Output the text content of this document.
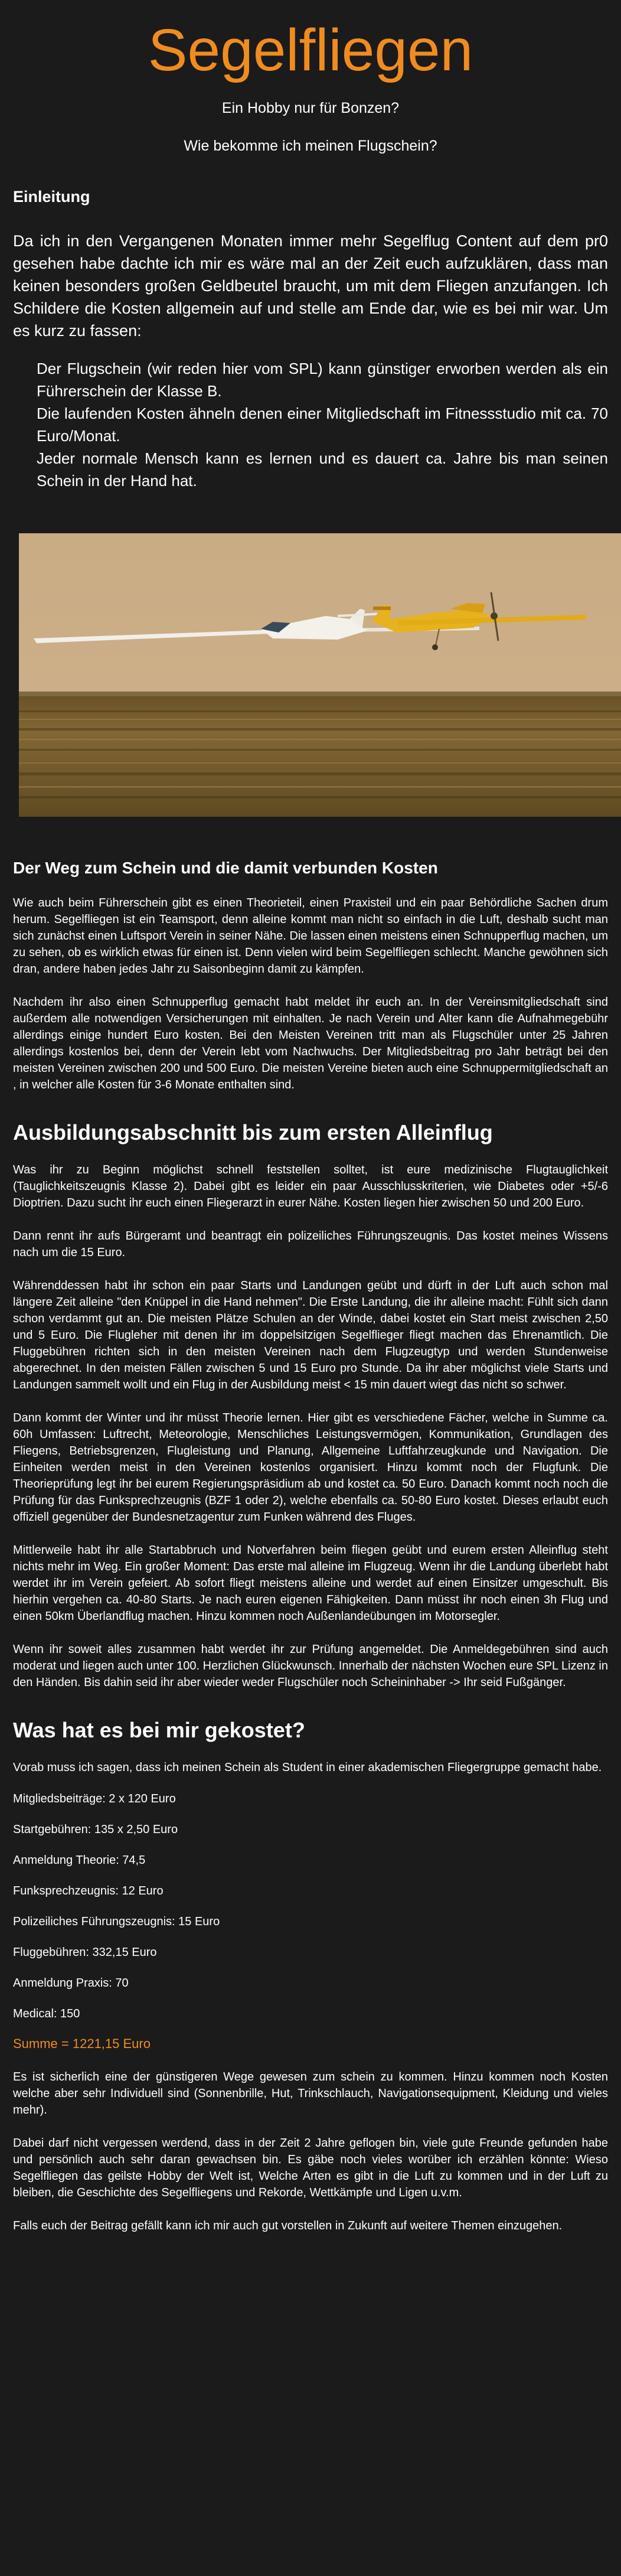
Segelfliegen

Ein Hobby nur für Bonzen?

Wie bekomme ich meinen Flugschein?

Einleitung

Da ich in den Vergangenen Monaten immer mehr Segelflug Content auf dem pr0 gesehen habe dachte ich mir es wäre mal an der Zeit euch aufzuklären, dass man keinen besonders großen Geldbeutel braucht, um mit dem Fliegen anzufangen. Ich Schildere die Kosten allgemein auf und stelle am Ende dar, wie es bei mir war. Um es kurz zu fassen:

Der Flugschein (wir reden hier vom SPL) kann günstiger erworben werden als ein Führerschein der Klasse B.

Die laufenden Kosten ähneln denen einer Mitgliedschaft im Fitnessstudio mit ca. 70 Euro/Monat.

Jeder normale Mensch kann es lernen und es dauert ca. Jahre bis man seinen Schein in der Hand hat.

Der Weg zum Schein und die damit verbunden Kosten

Wie auch beim Führerschein gibt es einen Theorieteil, einen Praxisteil und ein paar Behördliche Sachen drum herum. Segelfliegen ist ein Teamsport, denn alleine kommt man nicht so einfach in die Luft, deshalb sucht man sich zunächst einen Luftsport Verein in seiner Nähe. Die lassen einen meistens einen Schnupperflug machen, um zu sehen, ob es wirklich etwas für einen ist. Denn vielen wird beim Segelfliegen schlecht. Manche gewöhnen sich dran, andere haben jedes Jahr zu Saisonbeginn damit zu kämpfen.

Nachdem ihr also einen Schnupperflug gemacht habt meldet ihr euch an. In der Vereinsmitgliedschaft sind außerdem alle notwendigen Versicherungen mit einhalten. Je nach Verein und Alter kann die Aufnahmegebühr allerdings einige hundert Euro kosten. Bei den Meisten Vereinen tritt man als Flugschüler unter 25 Jahren allerdings kostenlos bei, denn der Verein lebt vom Nachwuchs. Der Mitgliedsbeitrag pro Jahr beträgt bei den meisten Vereinen zwischen 200 und 500 Euro. Die meisten Vereine bieten auch eine Schnuppermitgliedschaft an , in welcher alle Kosten für 3-6 Monate enthalten sind.

Ausbildungsabschnitt bis zum ersten Alleinflug

Was ihr zu Beginn möglichst schnell feststellen solltet, ist eure medizinische Flugtauglichkeit (Tauglichkeitszeugnis Klasse 2). Dabei gibt es leider ein paar Ausschlusskriterien, wie Diabetes oder +5/-6 Dioptrien. Dazu sucht ihr euch einen Fliegerarzt in eurer Nähe. Kosten liegen hier zwischen 50 und 200 Euro.

Dann rennt ihr aufs Bürgeramt und beantragt ein polizeiliches Führungszeugnis. Das kostet meines Wissens nach um die 15 Euro.

Währenddessen habt ihr schon ein paar Starts und Landungen geübt und dürft in der Luft auch schon mal längere Zeit alleine "den Knüppel in die Hand nehmen". Die Erste Landung, die ihr alleine macht: Fühlt sich dann schon verdammt gut an. Die meisten Plätze Schulen an der Winde, dabei kostet ein Start meist zwischen 2,50 und 5 Euro. Die Flugleher mit denen ihr im doppelsitzigen Segelflieger fliegt machen das Ehrenamtlich. Die Fluggebühren richten sich in den meisten Vereinen nach dem Flugzeugtyp und werden Stundenweise abgerechnet. In den meisten Fällen zwischen 5 und 15 Euro pro Stunde. Da ihr aber möglichst viele Starts und Landungen sammelt wollt und ein Flug in der Ausbildung meist < 15 min dauert wiegt das nicht so schwer.

Dann kommt der Winter und ihr müsst Theorie lernen. Hier gibt es verschiedene Fächer, welche in Summe ca. 60h Umfassen: Luftrecht, Meteorologie, Menschliches Leistungsvermögen, Kommunikation, Grundlagen des Fliegens, Betriebsgrenzen, Flugleistung und Planung, Allgemeine Luftfahrzeugkunde und Navigation. Die Einheiten werden meist in den Vereinen kostenlos organisiert. Hinzu kommt noch der Flugfunk. Die Theorieprüfung legt ihr bei eurem Regierungspräsidium ab und kostet ca. 50 Euro. Danach kommt noch noch die Prüfung für das Funksprechzeugnis (BZF 1 oder 2), welche ebenfalls ca. 50-80 Euro kostet. Dieses erlaubt euch offiziell gegenüber der Bundesnetzagentur zum Funken während des Fluges.

Mittlerweile habt ihr alle Startabbruch und Notverfahren beim fliegen geübt und eurem ersten Alleinflug steht nichts mehr im Weg. Ein großer Moment: Das erste mal alleine im Flugzeug. Wenn ihr die Landung überlebt habt werdet ihr im Verein gefeiert. Ab sofort fliegt meistens alleine und werdet auf einen Einsitzer umgeschult. Bis hierhin vergehen ca. 40-80 Starts. Je nach euren eigenen Fähigkeiten. Dann müsst ihr noch einen 3h Flug und einen 50km Überlandflug machen. Hinzu kommen noch Außenlandeübungen im Motorsegler.

Wenn ihr soweit alles zusammen habt werdet ihr zur Prüfung angemeldet. Die Anmeldegebühren sind auch moderat und liegen auch unter 100. Herzlichen Glückwunsch. Innerhalb der nächsten Wochen eure SPL Lizenz in den Händen. Bis dahin seid ihr aber wieder weder Flugschüler noch Scheininhaber -> Ihr seid Fußgänger.

Was hat es bei mir gekostet?

Vorab muss ich sagen, dass ich meinen Schein als Student in einer akademischen Fliegergruppe gemacht habe.

Mitgliedsbeiträge: 2 x 120 Euro

Startgebühren: 135 x 2,50 Euro

Anmeldung Theorie: 74,5

Funksprechzeugnis: 12 Euro

Polizeiliches Führungszeugnis: 15 Euro

Fluggebühren: 332,15 Euro

Anmeldung Praxis: 70

Medical: 150

Summe = 1221,15 Euro

Es ist sicherlich eine der günstigeren Wege gewesen zum schein zu kommen. Hinzu kommen noch Kosten welche aber sehr Individuell sind (Sonnenbrille, Hut, Trinkschlauch, Navigationsequipment, Kleidung und vieles mehr).

Dabei darf nicht vergessen werdend, dass in der Zeit 2 Jahre geflogen bin, viele gute Freunde gefunden habe und persönlich auch sehr daran gewachsen bin. Es gäbe noch vieles worüber ich erzählen könnte: Wieso Segelfliegen das geilste Hobby der Welt ist, Welche Arten es gibt in die Luft zu kommen und in der Luft zu bleiben, die Geschichte des Segelfliegens und Rekorde, Wettkämpfe und Ligen u.v.m.

Falls euch der Beitrag gefällt kann ich mir auch gut vorstellen in Zukunft auf weitere Themen einzugehen.
